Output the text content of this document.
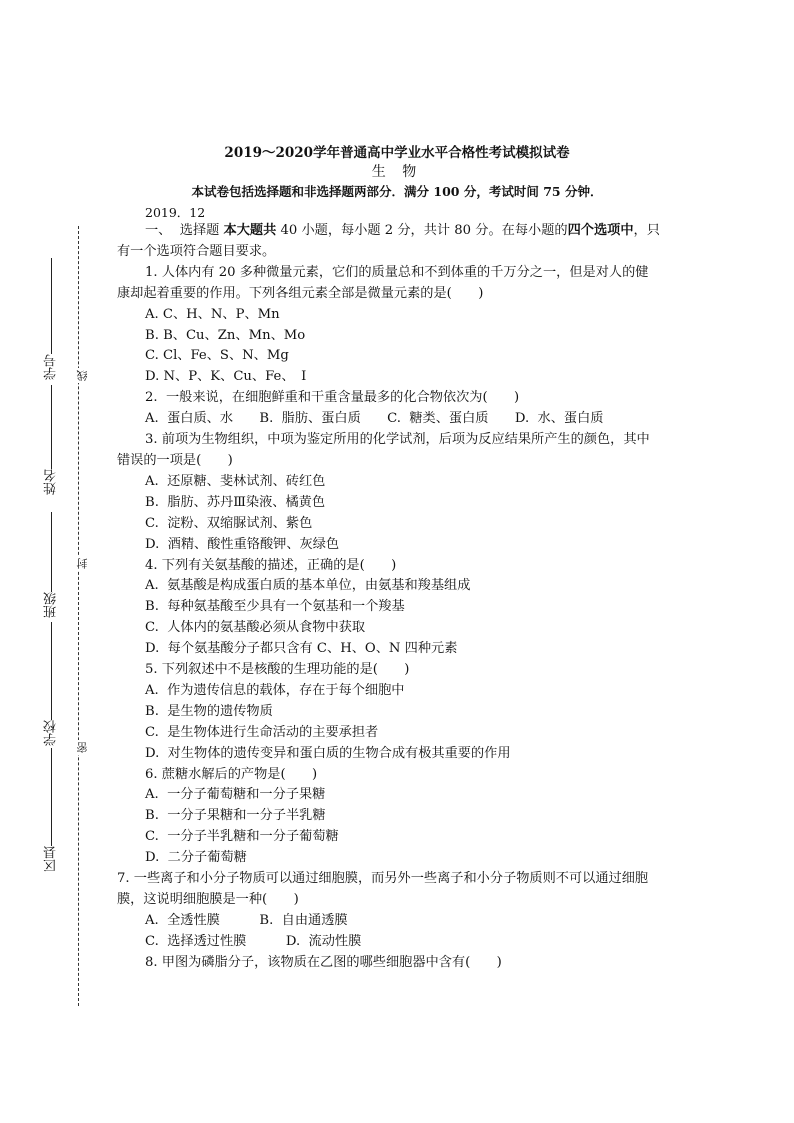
2019～2020学年普通高中学业水平合格性考试模拟试卷
生 物
本试卷包括选择题和非选择题两部分．满分 100 分，考试时间 75 分钟．
2019．12
学号
姓名
班级
学校
区县
线
封
密
一、  选择题 本大题共 40 小题，每小题 2 分，共计 80 分。在每小题的四个选项中，只
有一个选项符合题目要求。
1. 人体内有 20 多种微量元素，它们的质量总和不到体重的千万分之一，但是对人的健
康却起着重要的作用。下列各组元素全部是微量元素的是(　　)
A. C、H、N、P、Mn
B. B、Cu、Zn、Mn、Mo
C. Cl、Fe、S、N、Mg
D. N、P、K、Cu、Fe、　I
2.  一般来说，在细胞鲜重和干重含量最多的化合物依次为(　　)
A.  蛋白质、水　　B.  脂肪、蛋白质　　C.  糖类、蛋白质　　D.  水、蛋白质
3. 前项为生物组织，中项为鉴定所用的化学试剂，后项为反应结果所产生的颜色，其中
错误的一项是(　　)
A.  还原糖、斐林试剂、砖红色
B.  脂肪、苏丹Ⅲ染液、橘黄色
C.  淀粉、双缩脲试剂、紫色
D.  酒精、酸性重铬酸钾、灰绿色
4. 下列有关氨基酸的描述，正确的是(　　)
A.  氨基酸是构成蛋白质的基本单位，由氨基和羧基组成
B.  每种氨基酸至少具有一个氨基和一个羧基
C.  人体内的氨基酸必须从食物中获取
D.  每个氨基酸分子都只含有 C、H、O、N 四种元素
5. 下列叙述中不是核酸的生理功能的是(　　)
A.  作为遗传信息的载体，存在于每个细胞中
B.  是生物的遗传物质
C.  是生物体进行生命活动的主要承担者
D.  对生物体的遗传变异和蛋白质的生物合成有极其重要的作用
6. 蔗糖水解后的产物是(　　)
A.  一分子葡萄糖和一分子果糖
B.  一分子果糖和一分子半乳糖
C.  一分子半乳糖和一分子葡萄糖
D.  二分子葡萄糖
7. 一些离子和小分子物质可以通过细胞膜，而另外一些离子和小分子物质则不可以通过细胞
膜，这说明细胞膜是一种(　　)
A.  全透性膜　　　B.  自由通透膜
C.  选择透过性膜　　　D.  流动性膜
8. 甲图为磷脂分子，该物质在乙图的哪些细胞器中含有(　　)
